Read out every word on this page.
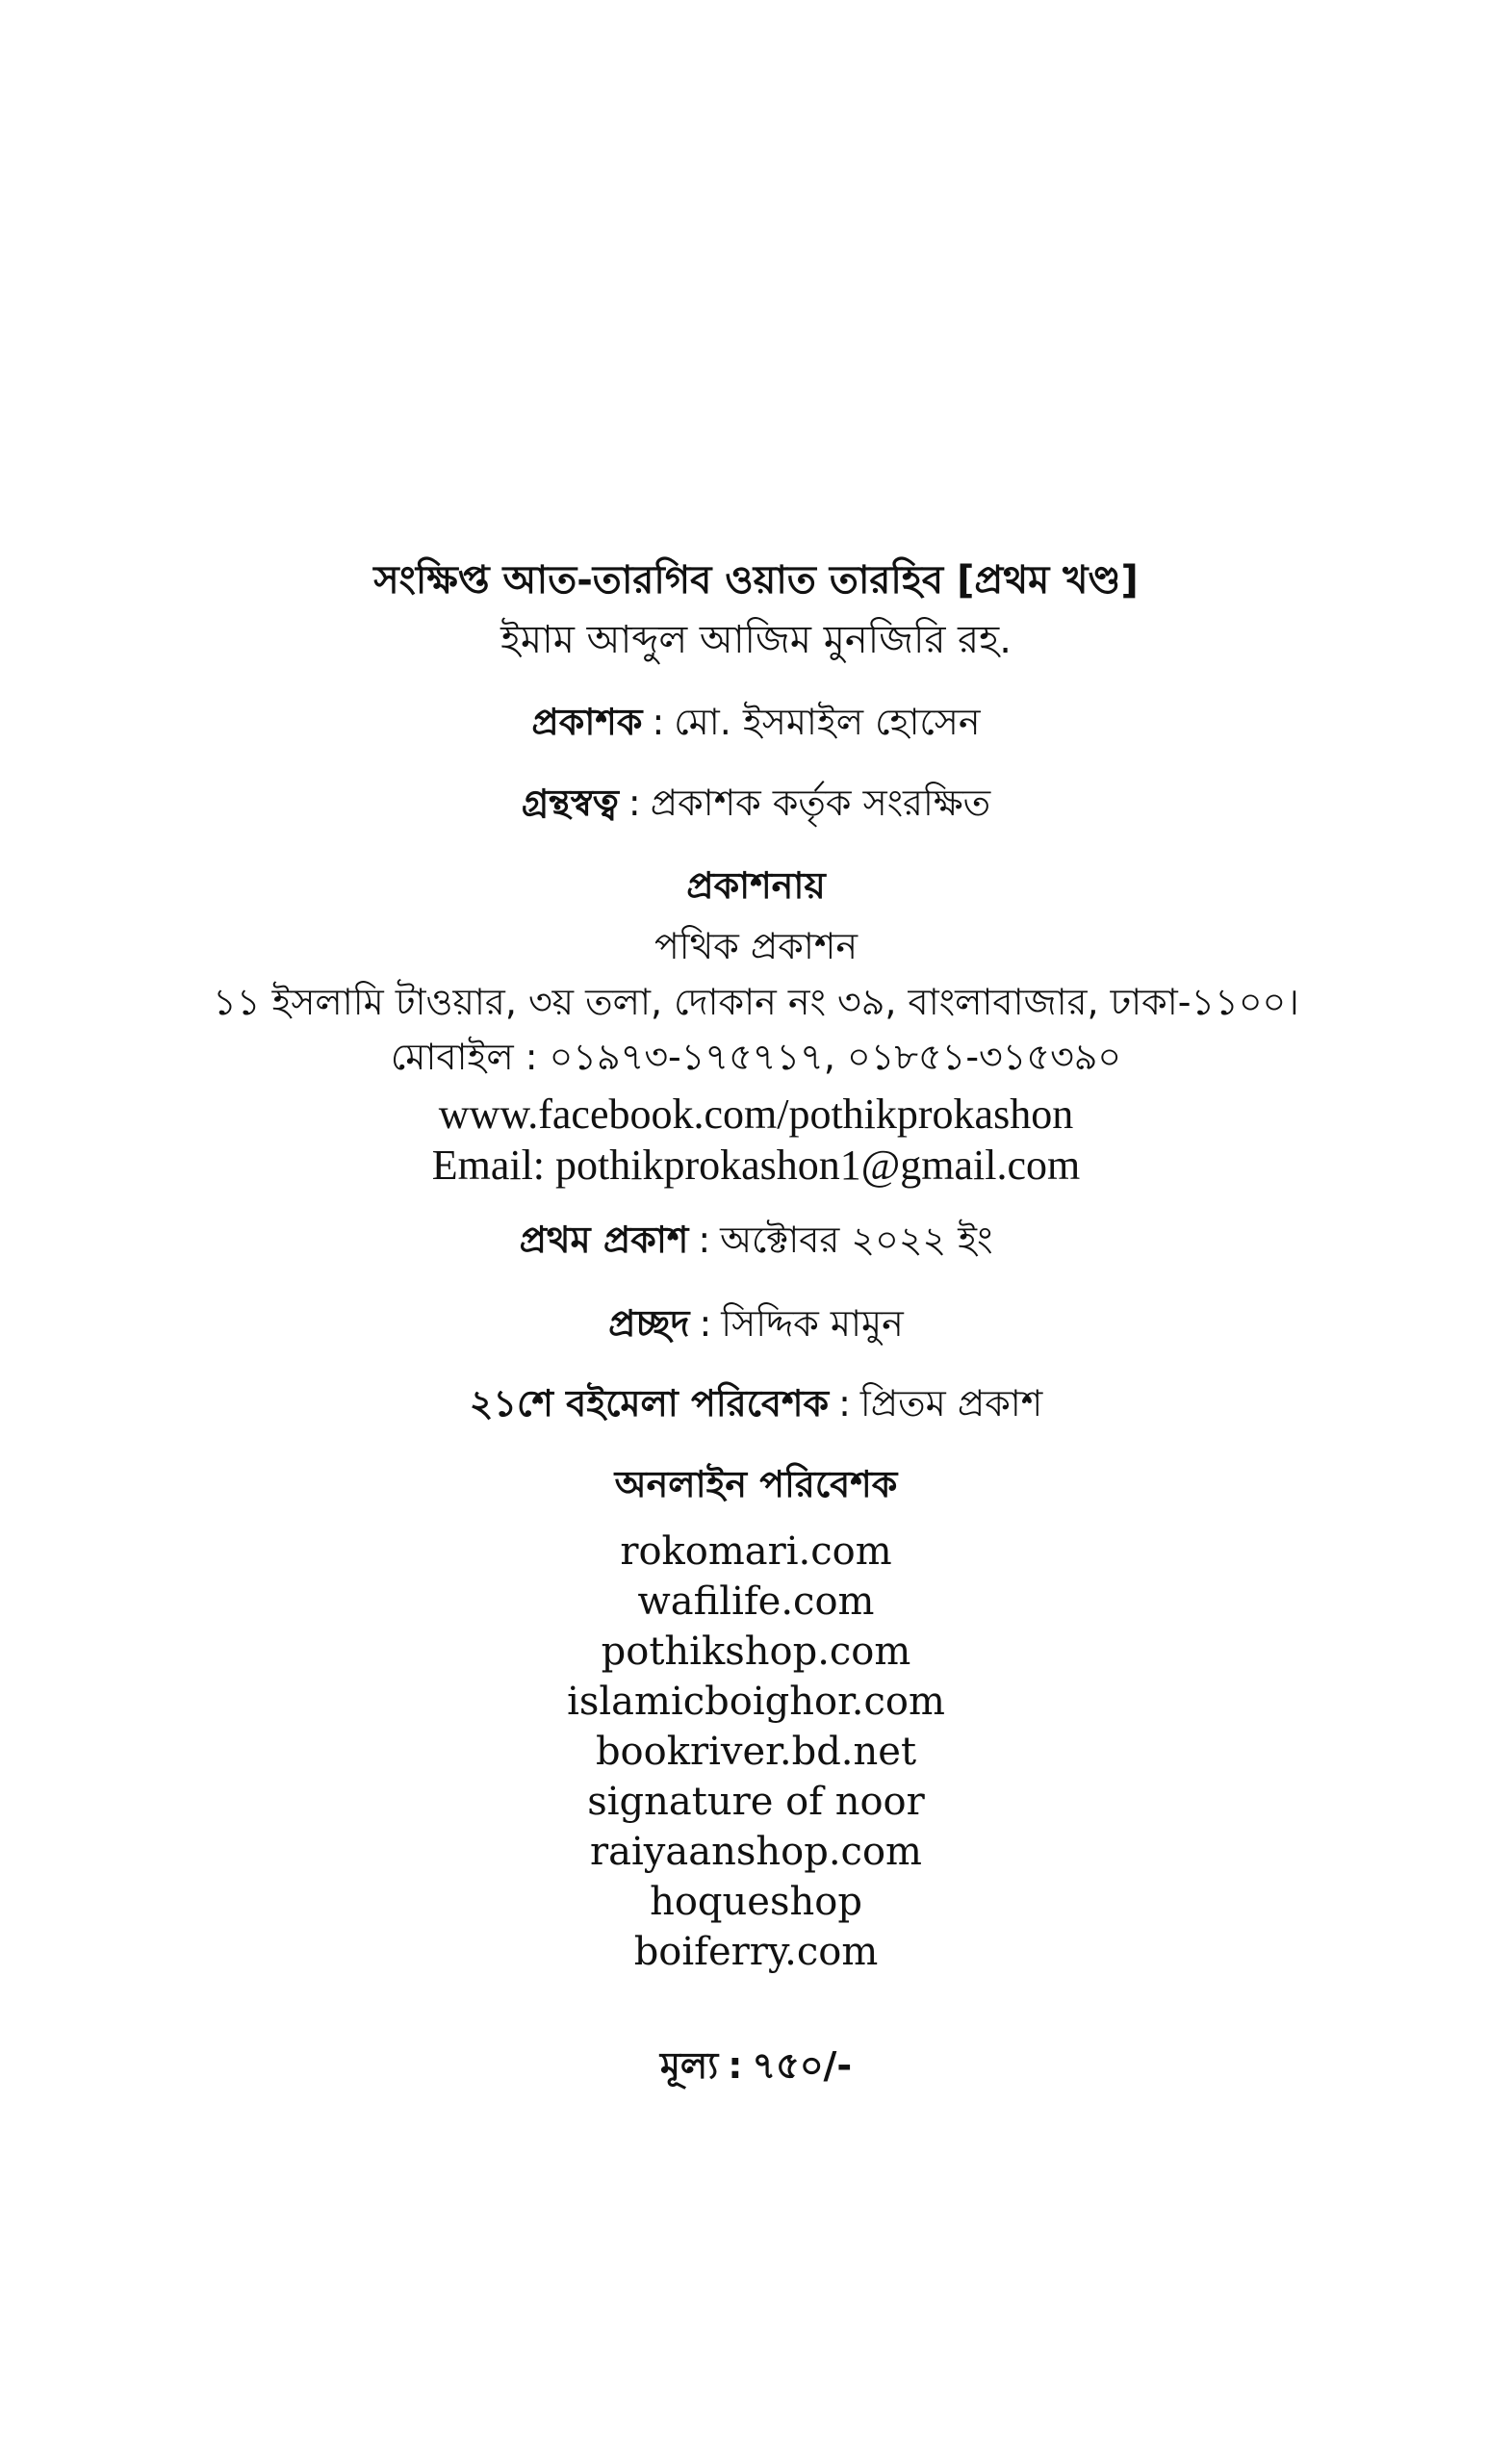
সংক্ষিপ্ত আত-তারগিব ওয়াত তারহিব [প্রথম খণ্ড]
ইমাম আব্দুল আজিম মুনজিরি রহ.
প্রকাশক : মো. ইসমাইল হোসেন
গ্রন্থস্বত্ব : প্রকাশক কর্তৃক সংরক্ষিত
প্রকাশনায়
পথিক প্রকাশন
১১ ইসলামি টাওয়ার, ৩য় তলা, দোকান নং ৩৯, বাংলাবাজার, ঢাকা-১১০০।
মোবাইল : ০১৯৭৩-১৭৫৭১৭, ০১৮৫১-৩১৫৩৯০
www.facebook.com/pothikprokashon
Email: pothikprokashon1@gmail.com
প্রথম প্রকাশ : অক্টোবর ২০২২ ইং
প্রচ্ছদ : সিদ্দিক মামুন
২১শে বইমেলা পরিবেশক : প্রিতম প্রকাশ
অনলাইন পরিবেশক
rokomari.com
wafilife.com
pothikshop.com
islamicboighor.com
bookriver.bd.net
signature of noor
raiyaanshop.com
hoqueshop
boiferry.com
মূল্য : ৭৫০/-
